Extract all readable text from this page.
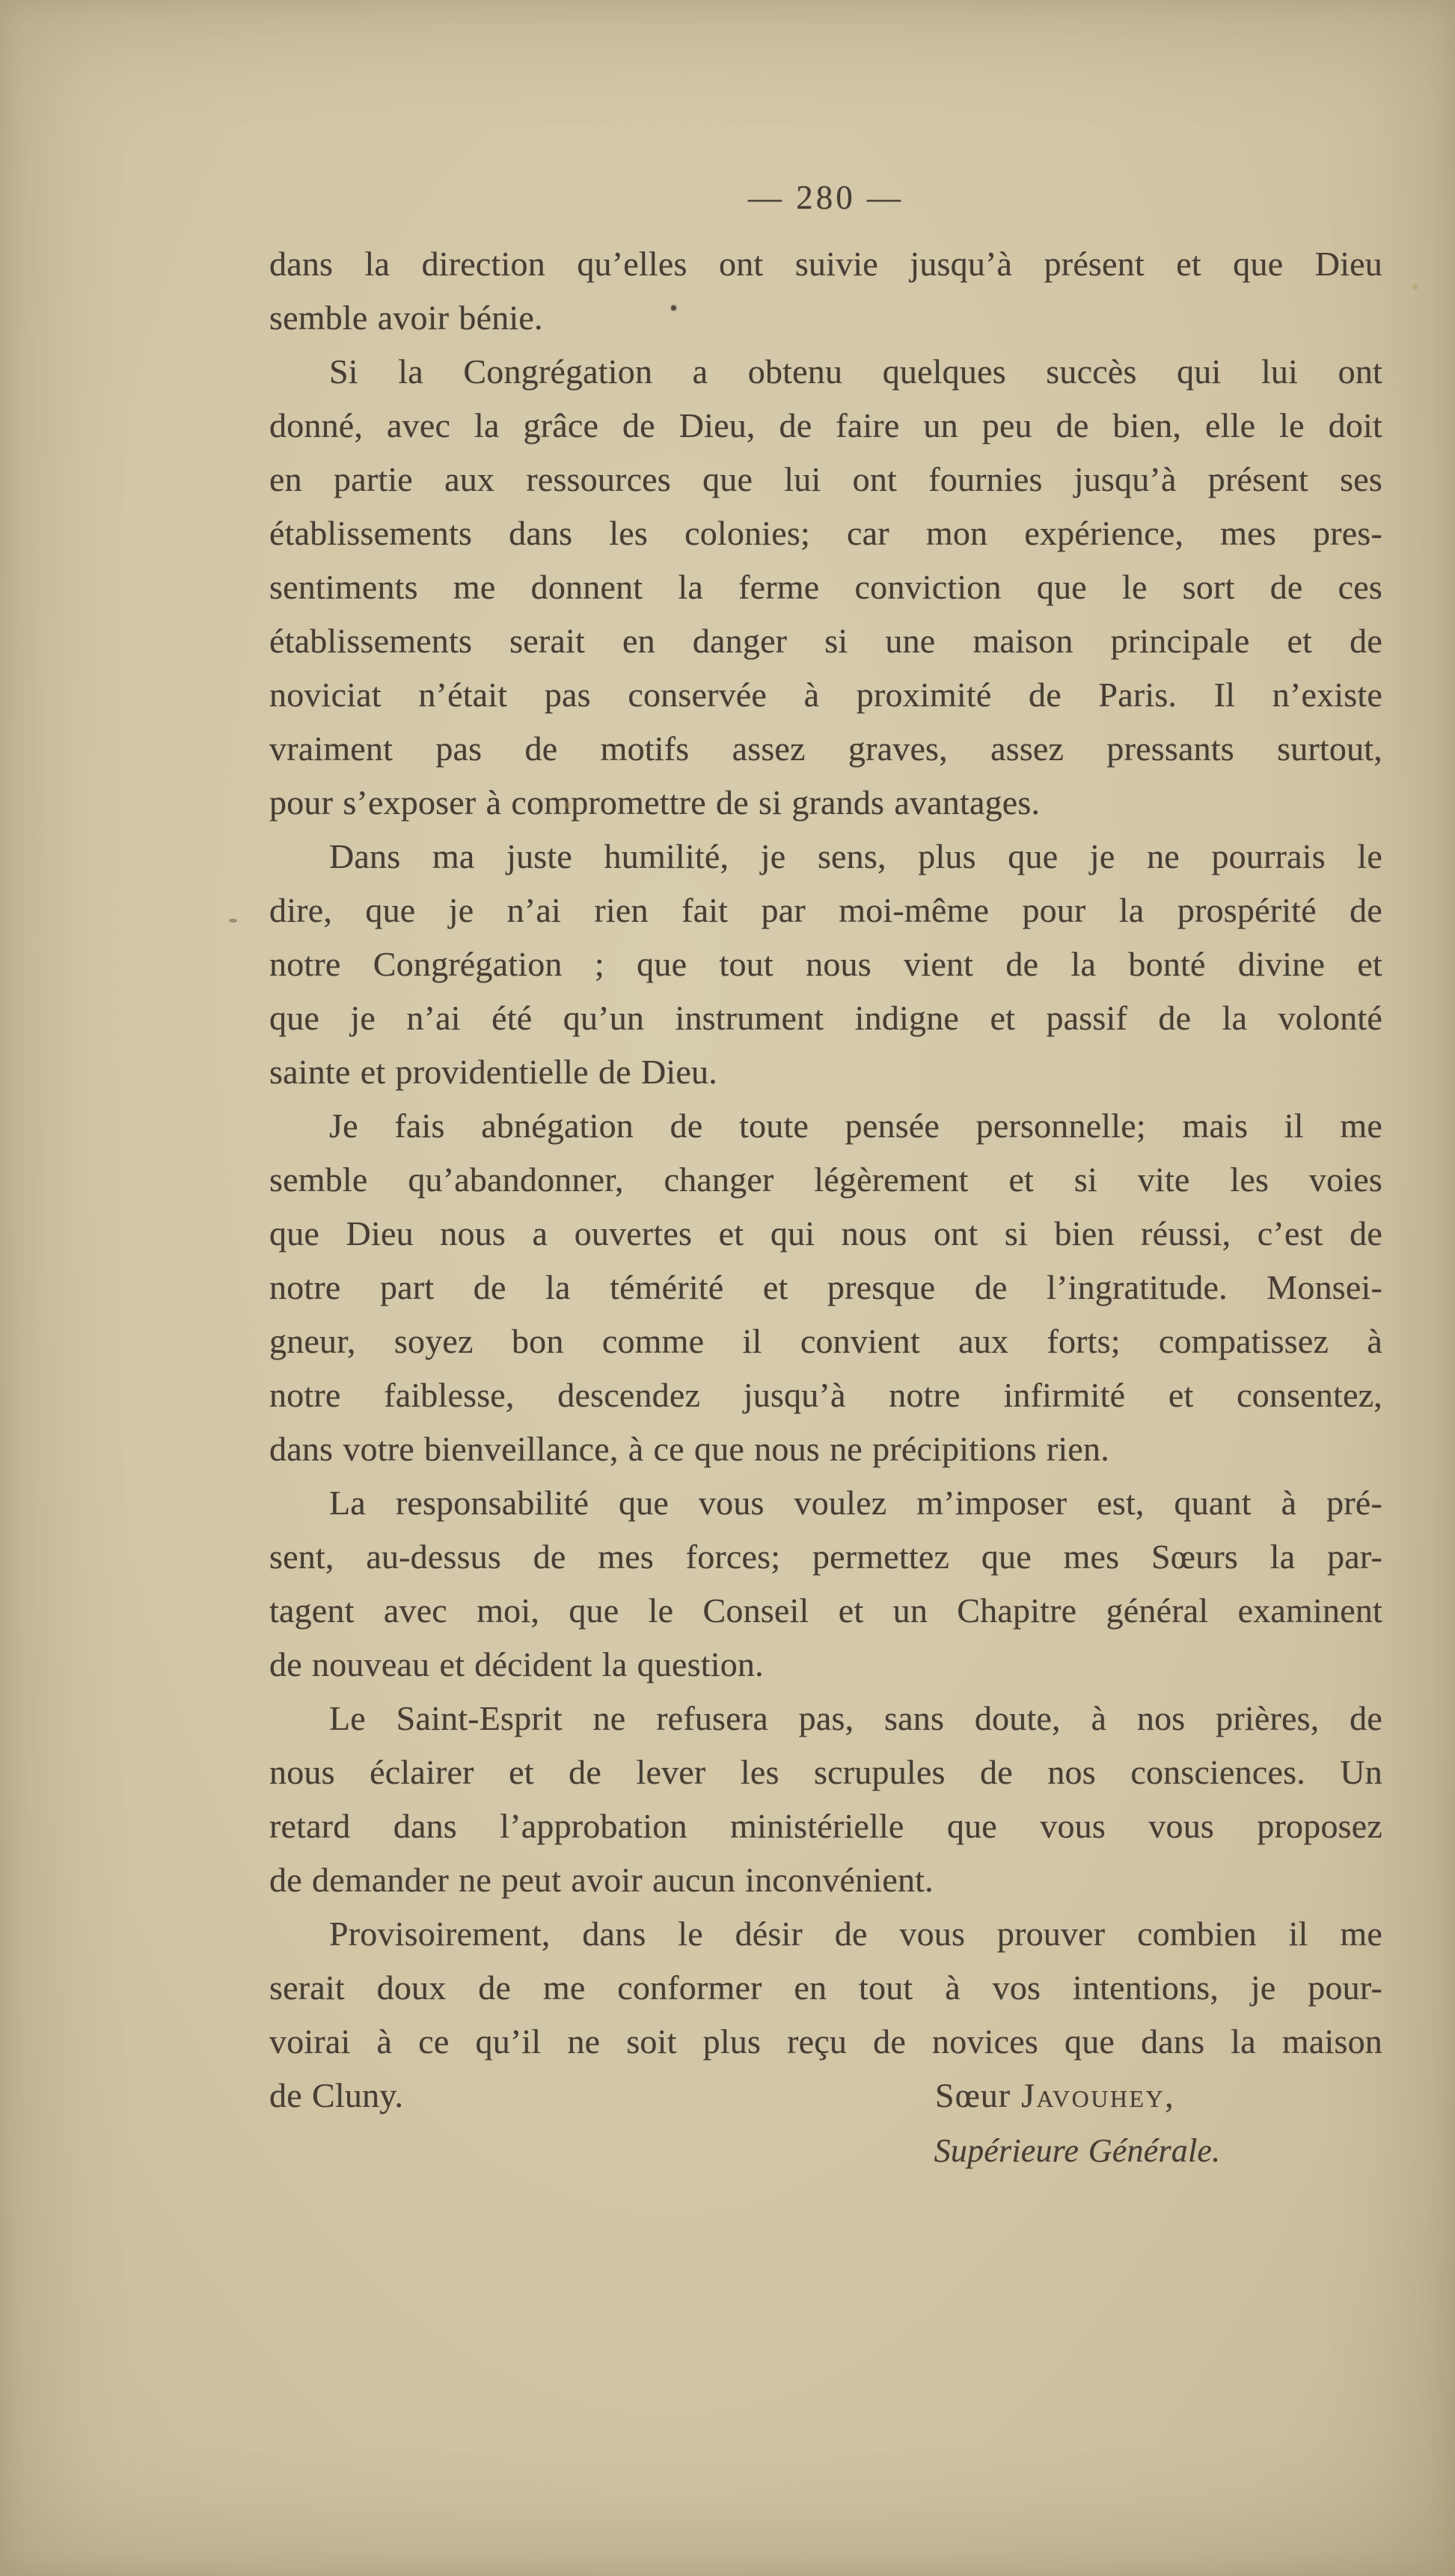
— 280 —
dans la direction qu’elles ont suivie jusqu’à présent et que Dieu
semble avoir bénie.
Si la Congrégation a obtenu quelques succès qui lui ont
donné, avec la grâce de Dieu, de faire un peu de bien, elle le doit
en partie aux ressources que lui ont fournies jusqu’à présent ses
établissements dans les colonies; car mon expérience, mes pres-
sentiments me donnent la ferme conviction que le sort de ces
établissements serait en danger si une maison principale et de
noviciat n’était pas conservée à proximité de Paris. Il n’existe
vraiment pas de motifs assez graves, assez pressants surtout,
pour s’exposer à compromettre de si grands avantages.
Dans ma juste humilité, je sens, plus que je ne pourrais le
dire, que je n’ai rien fait par moi-même pour la prospérité de
notre Congrégation ; que tout nous vient de la bonté divine et
que je n’ai été qu’un instrument indigne et passif de la volonté
sainte et providentielle de Dieu.
Je fais abnégation de toute pensée personnelle; mais il me
semble qu’abandonner, changer légèrement et si vite les voies
que Dieu nous a ouvertes et qui nous ont si bien réussi, c’est de
notre part de la témérité et presque de l’ingratitude. Monsei-
gneur, soyez bon comme il convient aux forts; compatissez à
notre faiblesse, descendez jusqu’à notre infirmité et consentez,
dans votre bienveillance, à ce que nous ne précipitions rien.
La responsabilité que vous voulez m’imposer est, quant à pré-
sent, au-dessus de mes forces; permettez que mes Sœurs la par-
tagent avec moi, que le Conseil et un Chapitre général examinent
de nouveau et décident la question.
Le Saint-Esprit ne refusera pas, sans doute, à nos prières, de
nous éclairer et de lever les scrupules de nos consciences. Un
retard dans l’approbation ministérielle que vous vous proposez
de demander ne peut avoir aucun inconvénient.
Provisoirement, dans le désir de vous prouver combien il me
serait doux de me conformer en tout à vos intentions, je pour-
voirai à ce qu’il ne soit plus reçu de novices que dans la maison
de Cluny.	Sœur Javouhey,
Supérieure Générale.
